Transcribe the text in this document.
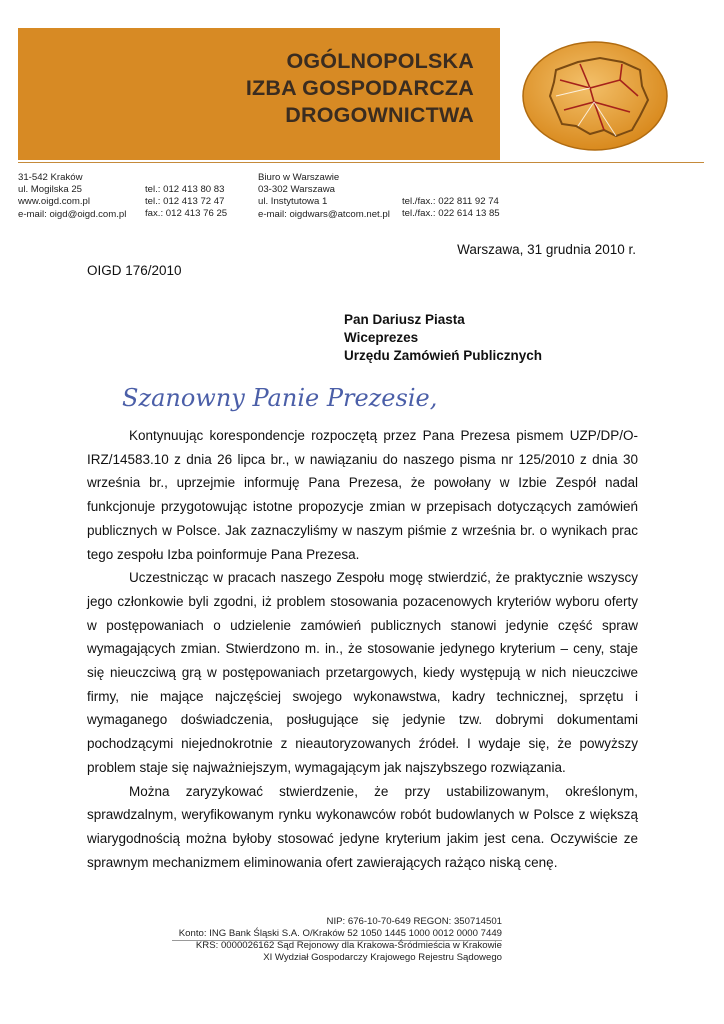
OGÓLNOPOLSKA
IZBA GOSPODARCZA
DROGOWNICTWA
31-542 Kraków
ul. Mogilska 25
www.oigd.com.pl
e-mail: oigd@oigd.com.pl
tel.: 012 413 80 83
tel.: 012 413 72 47
fax.: 012 413 76 25
Biuro w Warszawie
03-302 Warszawa
ul. Instytutowa 1
e-mail: oigdwars@atcom.net.pl
tel./fax.: 022 811 92 74
tel./fax.: 022 614 13 85
Warszawa, 31 grudnia 2010 r.
OIGD 176/2010
Pan Dariusz Piasta
Wiceprezes
Urzędu Zamówień Publicznych
Szanowny Panie Prezesie,

Kontynuując korespondencje rozpoczętą przez Pana Prezesa pismem UZP/DP/O-IRZ/14583.10 z dnia 26 lipca br., w nawiązaniu do naszego pisma nr 125/2010 z dnia 30 września br., uprzejmie informuję Pana Prezesa, że powołany w Izbie Zespół nadal funkcjonuje przygotowując istotne propozycje zmian w przepisach dotyczących zamówień publicznych w Polsce. Jak zaznaczyliśmy w naszym piśmie z września br. o wynikach prac tego zespołu Izba poinformuje Pana Prezesa.

Uczestnicząc w pracach naszego Zespołu mogę stwierdzić, że praktycznie wszyscy jego członkowie byli zgodni, iż problem stosowania pozacenowych kryteriów wyboru oferty w postępowaniach o udzielenie zamówień publicznych stanowi jedynie część spraw wymagających zmian. Stwierdzono m. in., że stosowanie jedynego kryterium – ceny, staje się nieuczciwą grą w postępowaniach przetargowych, kiedy występują w nich nieuczciwe firmy, nie mające najczęściej swojego wykonawstwa, kadry technicznej, sprzętu i wymaganego doświadczenia, posługujące się jedynie tzw. dobrymi dokumentami pochodzącymi niejednokrotnie z nieautoryzowanych źródeł. I wydaje się, że powyższy problem staje się najważniejszym, wymagającym jak najszybszego rozwiązania.

Można zaryzykować stwierdzenie, że przy ustabilizowanym, określonym, sprawdzalnym, weryfikowanym rynku wykonawców robót budowlanych w Polsce z większą wiarygodnością można byłoby stosować jedyne kryterium jakim jest cena. Oczywiście ze sprawnym mechanizmem eliminowania ofert zawierających rażąco niską cenę.

NIP: 676-10-70-649 REGON: 350714501
Konto: ING Bank Śląski S.A. O/Kraków 52 1050 1445 1000 0012 0000 7449
KRS: 0000026162 Sąd Rejonowy dla Krakowa-Śródmieścia w Krakowie
XI Wydział Gospodarczy Krajowego Rejestru Sądowego
